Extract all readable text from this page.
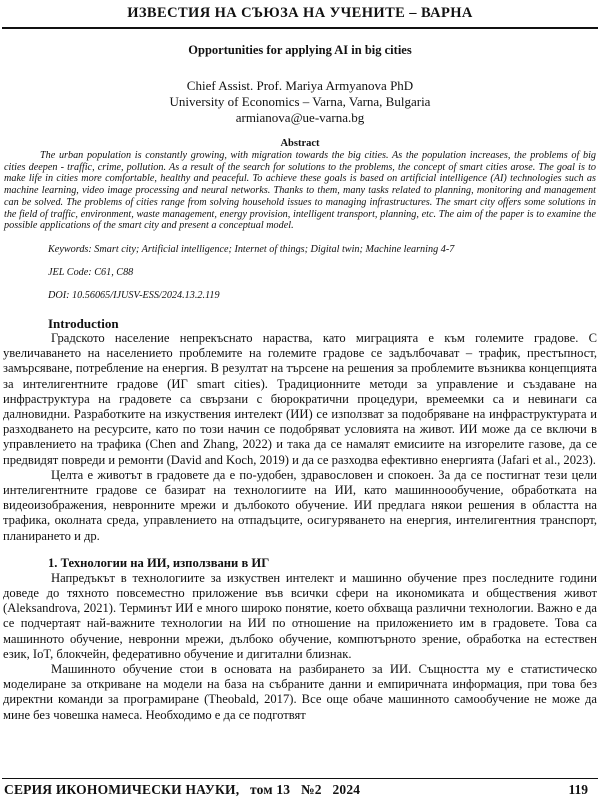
ИЗВЕСТИЯ НА СЪЮЗА НА УЧЕНИТЕ – ВАРНА
Opportunities for applying AI in big cities
Chief Assist. Prof. Mariya Armyanova PhD
University of Economics – Varna, Varna, Bulgaria
armianova@ue-varna.bg
Abstract

The urban population is constantly growing, with migration towards the big cities. As the population increases, the problems of big cities deepen - traffic, crime, pollution. As a result of the search for solutions to the problems, the concept of smart cities arose. The goal is to make life in cities more comfortable, healthy and peaceful. To achieve these goals is based on artificial intelligence (AI) technologies such as machine learning, video image processing and neural networks. Thanks to them, many tasks related to planning, monitoring and management can be solved. The problems of cities range from solving household issues to managing infrastructures. The smart city offers some solutions in the field of traffic, environment, waste management, energy provision, intelligent transport, planning, etc. The aim of the paper is to examine the possible applications of the smart city and present a conceptual model.

Keywords: Smart city; Artificial intelligence; Internet of things; Digital twin; Machine learning 4-7

JEL Code: C61, C88

DOI: 10.56065/IJUSV-ESS/2024.13.2.119

Introduction

Градското население непрекъснато нараства, като миграцията е към големите градове. С увеличаването на населението проблемите на големите градове се задълбочават – трафик, престъпност, замърсяване, потребление на енергия. В резултат на търсене на решения за проблемите възниква концепцията за интелигентните градове (ИГ smart cities). Традиционните методи за управление и създаване на инфраструктура на градовете са свързани с бюрократични процедури, времеемки са и невинаги са далновидни. Разработките на изкуствения интелект (ИИ) се използват за подобряване на инфраструктурата и разходването на ресурсите, като по този начин се подобряват условията на живот. ИИ може да се включи в управлението на трафика (Chen and Zhang, 2022) и така да се намалят емисиите на изгорелите газове, да се предвидят повреди и ремонти (David and Koch, 2019) и да се разходва ефективно енергията (Jafari et al., 2023).

Целта е животът в градовете да е по-удобен, здравословен и спокоен. За да се постигнат тези цели интелигентните градове се базират на технологиите на ИИ, като машинноообучение, обработката на видеоизображения, невронните мрежи и дълбокото обучение. ИИ предлага някои решения в областта на трафика, околната среда, управлението на отпадъците, осигуряването на енергия, интелигентния транспорт, планирането и др.

1. Технологии на ИИ, използвани в ИГ

Напредъкът в технологиите за изкуствен интелект и машинно обучение през последните години доведе до тяхното повсеместно приложение във всички сфери на икономиката и обществения живот (Aleksandrova, 2021). Терминът ИИ е много широко понятие, което обхваща различни технологии. Важно е да се подчертаят най-важните технологии на ИИ по отношение на приложението им в градовете. Това са машинното обучение, невронни мрежи, дълбоко обучение, компютърното зрение, обработка на естествен език, IoT, блокчейн, федеративно обучение и дигитални близнак.

Машинното обучение стои в основата на разбирането за ИИ. Същността му е статистическо моделиране за откриване на модели на база на събраните данни и емпиричната информация, при това без директни команди за програмиране (Theobald, 2017). Все още обаче машинното самообучение не може да мине без човешка намеса. Необходимо е да се подготвят

СЕРИЯ ИКОНОМИЧЕСКИ НАУКИ, том 13 №2 2024	119
